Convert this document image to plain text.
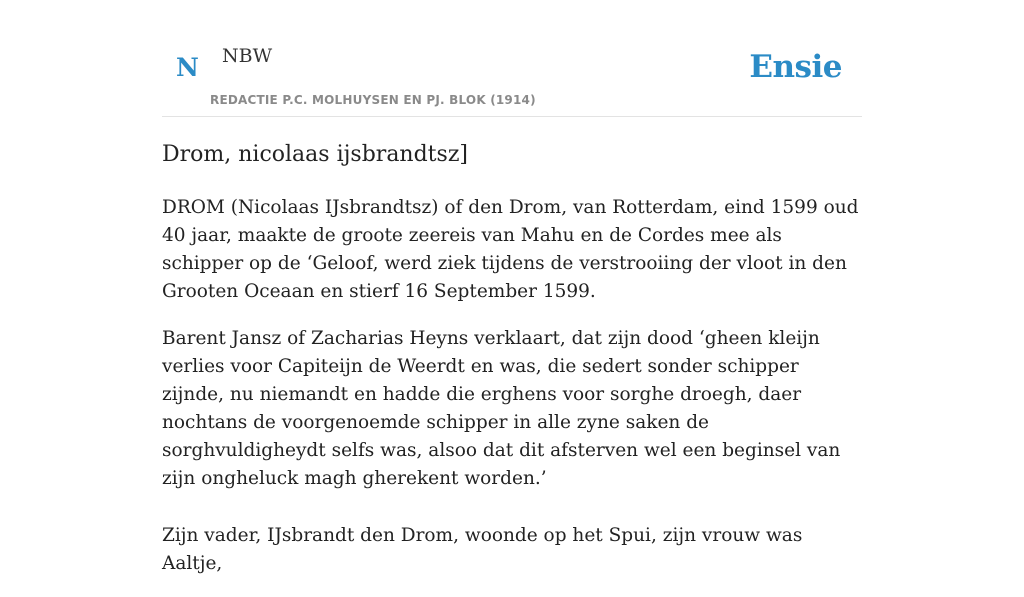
N NBW
REDACTIE P.C. MOLHUYSEN EN PJ. BLOK (1914)
Ensie
Drom, nicolaas ijsbrandtsz]

DROM (Nicolaas IJsbrandtsz) of den Drom, van Rotterdam, eind 1599 oud 40 jaar, maakte de groote zeereis van Mahu en de Cordes mee als schipper op de ‘Geloof, werd ziek tijdens de verstrooiing der vloot in den Grooten Oceaan en stierf 16 September 1599.

Barent Jansz of Zacharias Heyns verklaart, dat zijn dood ‘gheen kleijn verlies voor Capiteijn de Weerdt en was, die sedert sonder schipper zijnde, nu niemandt en hadde die erghens voor sorghe droegh, daer nochtans de voorgenoemde schipper in alle zyne saken de sorghvuldigheydt selfs was, alsoo dat dit afsterven wel een beginsel van zijn ongheluck magh gherekent worden.’

Zijn vader, IJsbrandt den Drom, woonde op het Spui, zijn vrouw was Aaltje,
